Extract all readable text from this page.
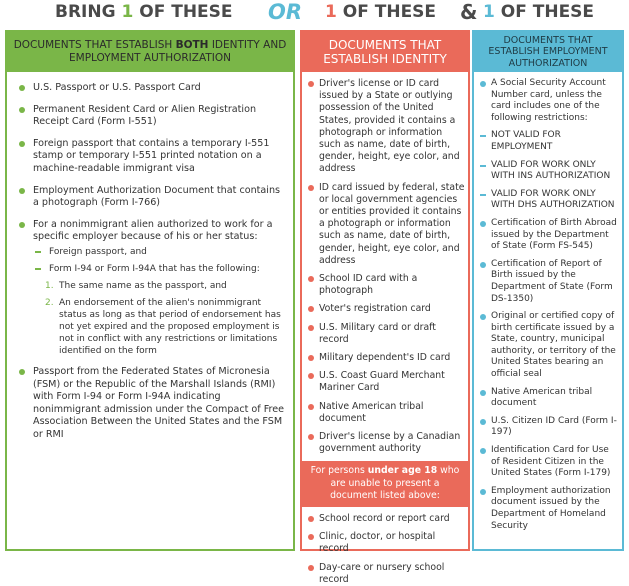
BRING 1 OF THESE OR 1 OF THESE & 1 OF THESE
DOCUMENTS THAT ESTABLISH BOTH IDENTITY AND EMPLOYMENT AUTHORIZATION
U.S. Passport or U.S. Passport Card
Permanent Resident Card or Alien Registration Receipt Card (Form I-551)
Foreign passport that contains a temporary I-551 stamp or temporary I-551 printed notation on a machine-readable immigrant visa
Employment Authorization Document that contains a photograph (Form I-766)
For a nonimmigrant alien authorized to work for a specific employer because of his or her status:
Foreign passport, and
Form I-94 or Form I-94A that has the following:
1. The same name as the passport, and
2. An endorsement of the alien's nonimmigrant status as long as that period of endorsement has not yet expired and the proposed employment is not in conflict with any restrictions or limitations identified on the form
Passport from the Federated States of Micronesia (FSM) or the Republic of the Marshall Islands (RMI) with Form I-94 or Form I-94A indicating nonimmigrant admission under the Compact of Free Association Between the United States and the FSM or RMI
DOCUMENTS THAT ESTABLISH IDENTITY
Driver's license or ID card issued by a State or outlying possession of the United States, provided it contains a photograph or information such as name, date of birth, gender, height, eye color, and address
ID card issued by federal, state or local government agencies or entities provided it contains a photograph or information such as name, date of birth, gender, height, eye color, and address
School ID card with a photograph
Voter's registration card
U.S. Military card or draft record
Military dependent's ID card
U.S. Coast Guard Merchant Mariner Card
Native American tribal document
Driver's license by a Canadian government authority
For persons under age 18 who are unable to present a document listed above:
School record or report card
Clinic, doctor, or hospital record
Day-care or nursery school record
DOCUMENTS THAT ESTABLISH EMPLOYMENT AUTHORIZATION
A Social Security Account Number card, unless the card includes one of the following restrictions:
NOT VALID FOR EMPLOYMENT
VALID FOR WORK ONLY WITH INS AUTHORIZATION
VALID FOR WORK ONLY WITH DHS AUTHORIZATION
Certification of Birth Abroad issued by the Department of State (Form FS-545)
Certification of Report of Birth issued by the Department of State (Form DS-1350)
Original or certified copy of birth certificate issued by a State, country, municipal authority, or territory of the United States bearing an official seal
Native American tribal document
U.S. Citizen ID Card (Form I-197)
Identification Card for Use of Resident Citizen in the United States (Form I-179)
Employment authorization document issued by the Department of Homeland Security
